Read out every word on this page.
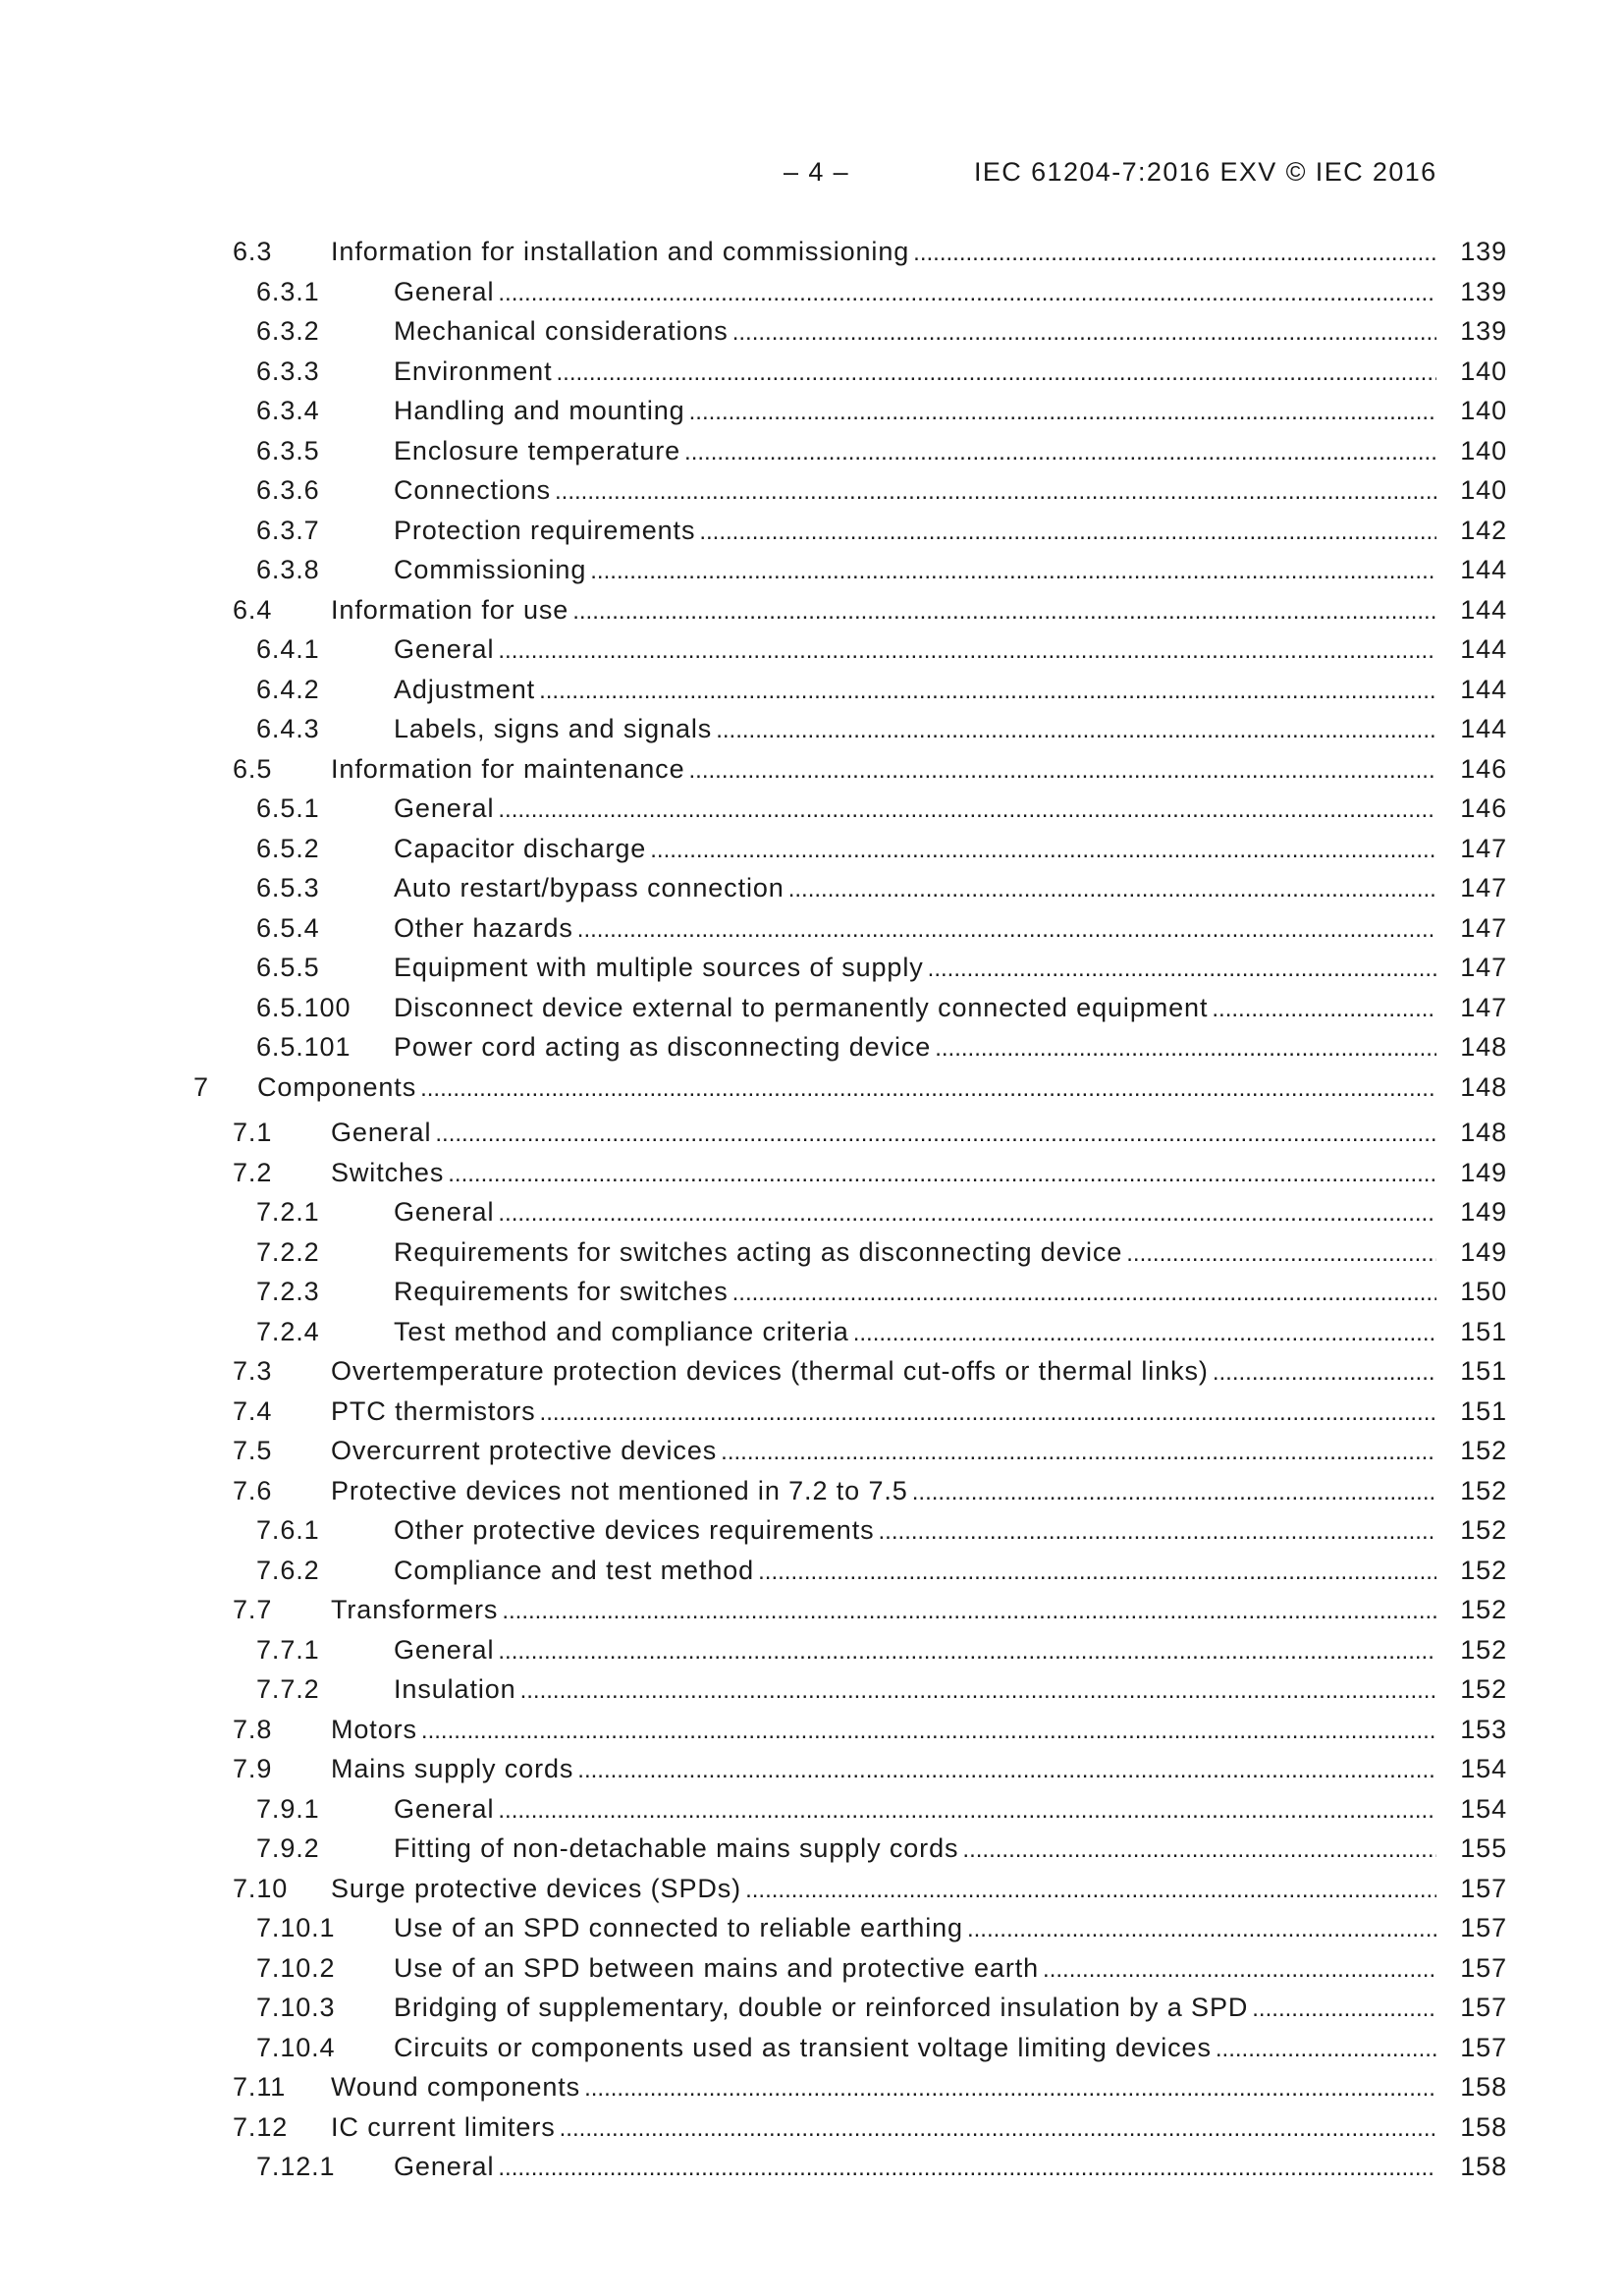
– 4 –	IEC 61204-7:2016 EXV © IEC 2016
6.3 Information for installation and commissioning .....	139
6.3.1	General .....	139
6.3.2	Mechanical considerations .....	139
6.3.3	Environment .....	140
6.3.4	Handling and mounting .....	140
6.3.5	Enclosure temperature .....	140
6.3.6	Connections .....	140
6.3.7	Protection requirements .....	142
6.3.8	Commissioning .....	144
6.4 Information for use .....	144
6.4.1	General .....	144
6.4.2	Adjustment .....	144
6.4.3	Labels, signs and signals .....	144
6.5 Information for maintenance .....	146
6.5.1	General .....	146
6.5.2	Capacitor discharge .....	147
6.5.3	Auto restart/bypass connection .....	147
6.5.4	Other hazards .....	147
6.5.5	Equipment with multiple sources of supply .....	147
6.5.100 Disconnect device external to permanently connected equipment .....	147
6.5.101 Power cord acting as disconnecting device .....	148
7 Components .....	148
7.1 General .....	148
7.2 Switches .....	149
7.2.1	General .....	149
7.2.2	Requirements for switches acting as disconnecting device .....	149
7.2.3	Requirements for switches .....	150
7.2.4	Test method and compliance criteria .....	151
7.3 Overtemperature protection devices (thermal cut-offs or thermal links) .....	151
7.4 PTC thermistors .....	151
7.5 Overcurrent protective devices .....	152
7.6 Protective devices not mentioned in 7.2 to 7.5 .....	152
7.6.1	Other protective devices requirements .....	152
7.6.2	Compliance and test method .....	152
7.7 Transformers .....	152
7.7.1	General .....	152
7.7.2	Insulation .....	152
7.8 Motors .....	153
7.9 Mains supply cords .....	154
7.9.1	General .....	154
7.9.2	Fitting of non-detachable mains supply cords .....	155
7.10 Surge protective devices (SPDs) .....	157
7.10.1 Use of an SPD connected to reliable earthing .....	157
7.10.2 Use of an SPD between mains and protective earth .....	157
7.10.3 Bridging of supplementary, double or reinforced insulation by a SPD .....	157
7.10.4 Circuits or components used as transient voltage limiting devices .....	157
7.11 Wound components .....	158
7.12 IC current limiters .....	158
7.12.1 General .....	158
